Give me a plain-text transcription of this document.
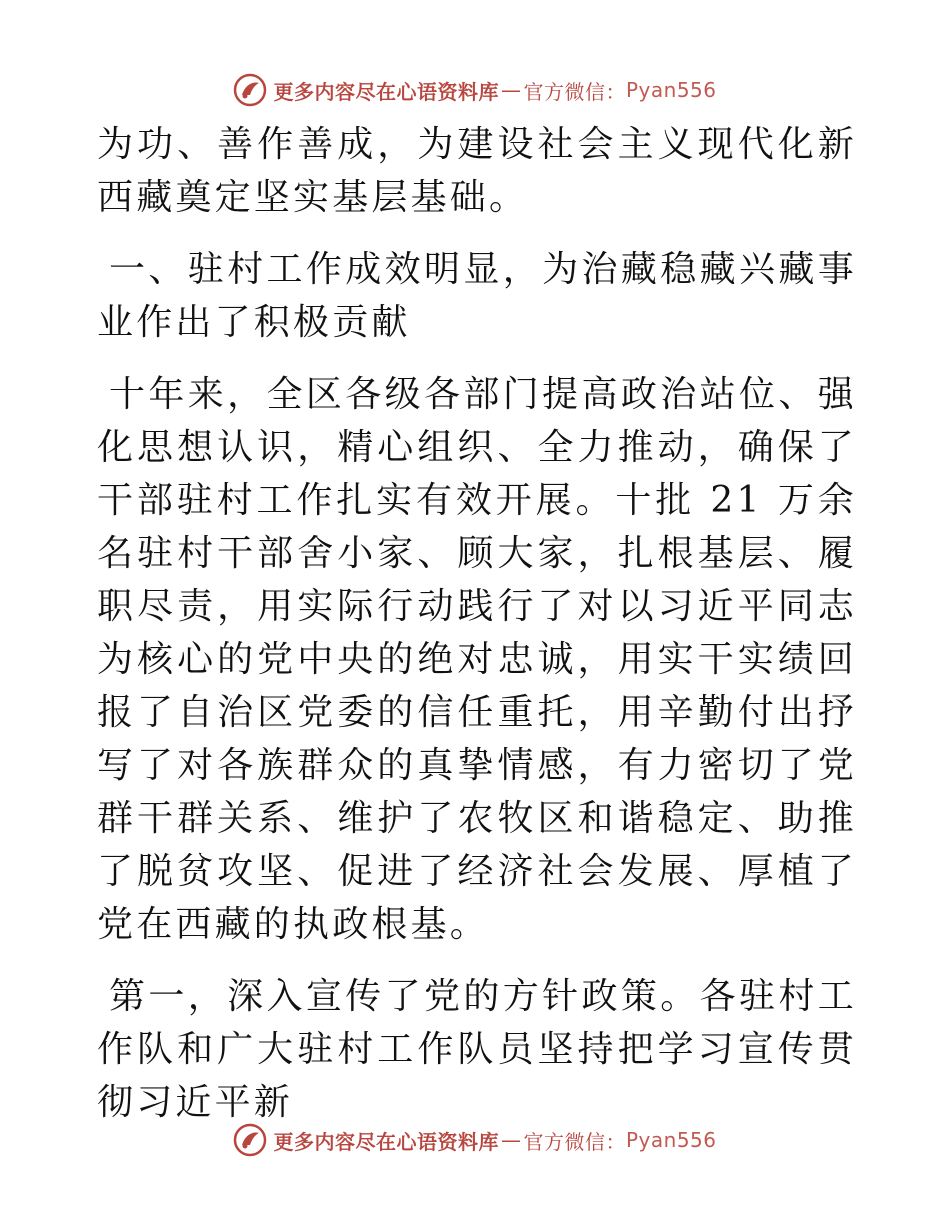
更多内容尽在心语资料库 — 官方微信： Pyan556

为功、善作善成，为建设社会主义现代化新西藏奠定坚实基层基础。

一、驻村工作成效明显，为治藏稳藏兴藏事业作出了积极贡献

十年来，全区各级各部门提高政治站位、强化思想认识，精心组织、全力推动，确保了干部驻村工作扎实有效开展。十批 21 万余名驻村干部舍小家、顾大家，扎根基层、履职尽责，用实际行动践行了对以习近平同志为核心的党中央的绝对忠诚，用实干实绩回报了自治区党委的信任重托，用辛勤付出抒写了对各族群众的真挚情感，有力密切了党群干群关系、维护了农牧区和谐稳定、助推了脱贫攻坚、促进了经济社会发展、厚植了党在西藏的执政根基。

第一，深入宣传了党的方针政策。各驻村工作队和广大驻村工作队员坚持把学习宣传贯彻习近平新

更多内容尽在心语资料库 — 官方微信： Pyan556
